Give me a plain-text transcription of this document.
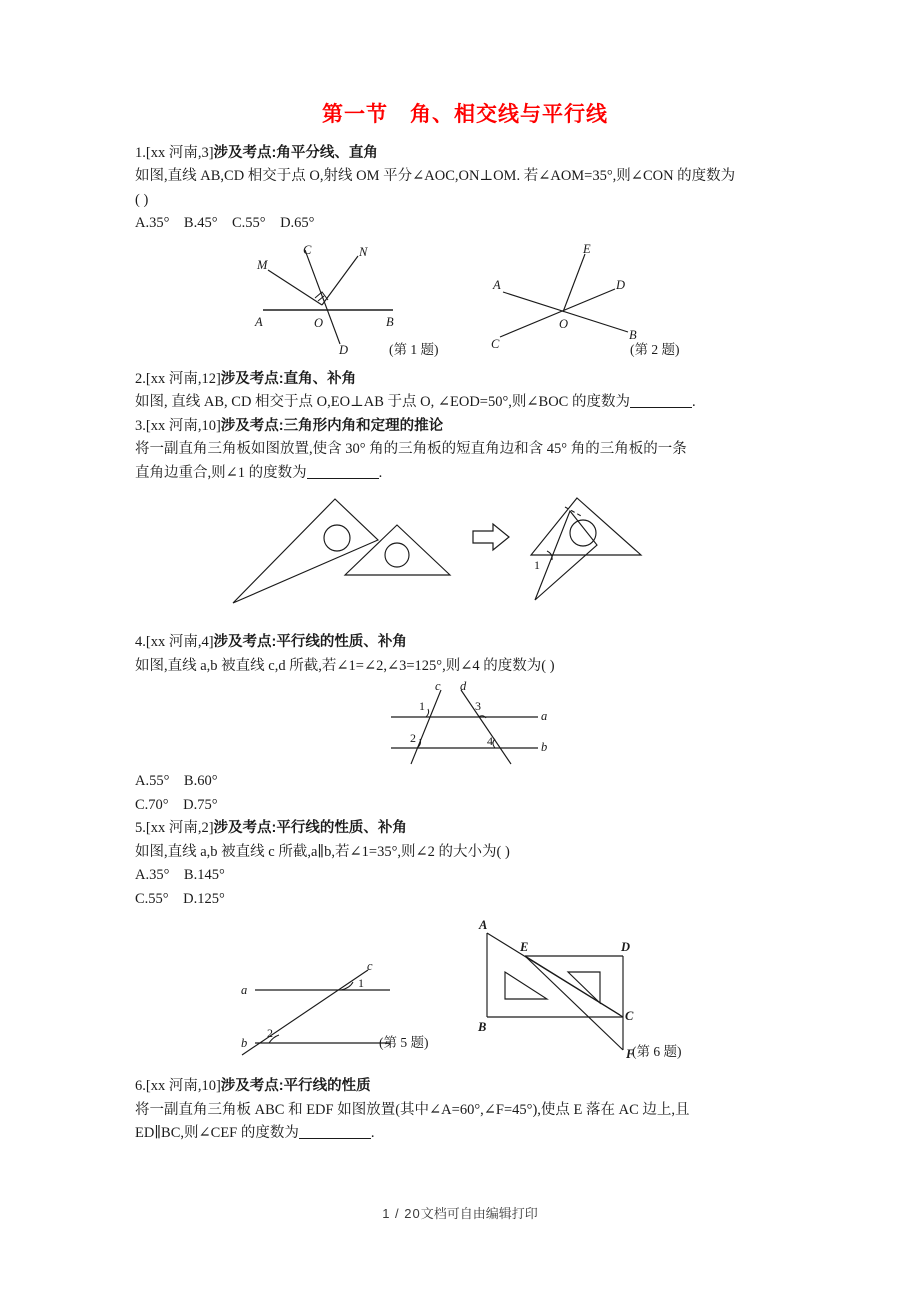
第一节　角、相交线与平行线

1.[xx 河南,3]涉及考点:角平分线、直角

如图,直线 AB,CD 相交于点 O,射线 OM 平分∠AOC,ON⊥OM. 若∠AOM=35°,则∠CON 的度数为

( )

A.35°    B.45°    C.55°    D.65°

C	N
M
A	O	B
D	(第 1 题)
E
A	D
C
O
B
(第 2 题)

2.[xx 河南,12]涉及考点:直角、补角

如图, 直线 AB, CD 相交于点 O,EO⊥AB 于点 O, ∠EOD=50°,则∠BOC 的度数为	.

3.[xx 河南,10]涉及考点:三角形内角和定理的推论

将一副直角三角板如图放置,使含 30° 角的三角板的短直角边和含 45° 角的三角板的一条

直角边重合,则∠1 的度数为	.

1

4.[xx 河南,4]涉及考点:平行线的性质、补角

如图,直线 a,b 被直线 c,d 所截,若∠1=∠2,∠3=125°,则∠4 的度数为( )

c d
a
b
1
2
3
4

A.55°    B.60°

C.70°    D.75°

5.[xx 河南,2]涉及考点:平行线的性质、补角

如图,直线 a,b 被直线 c 所截,a∥b,若∠1=35°,则∠2 的大小为( )

A.35°    B.145°

C.55°    D.125°

a
b
c
1
2
(第 5 题)
A
E	D
C
B
F
(第 6 题)

6.[xx 河南,10]涉及考点:平行线的性质

将一副直角三角板 ABC 和 EDF 如图放置(其中∠A=60°,∠F=45°),使点 E 落在 AC 边上,且

ED∥BC,则∠CEF 的度数为	.

1 / 20文档可自由编辑打印
